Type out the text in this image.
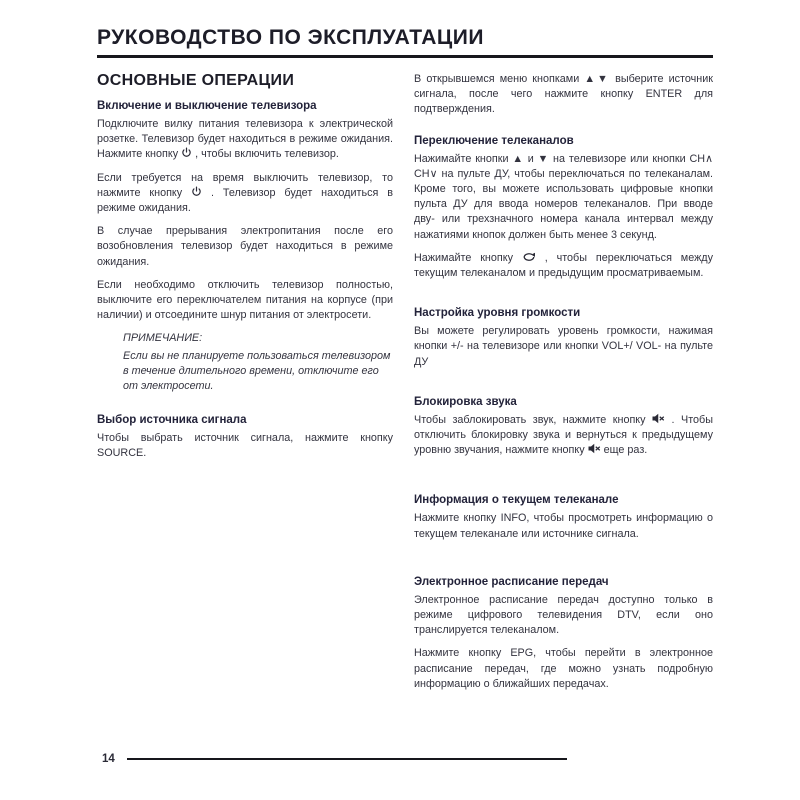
РУКОВОДСТВО ПО ЭКСПЛУАТАЦИИ
ОСНОВНЫЕ ОПЕРАЦИИ
Включение и выключение телевизора

Подключите вилку питания телевизора к электрической розетке. Телевизор будет находиться в режиме ожидания. Нажмите кнопку  , чтобы включить телевизор.

Если требуется на время выключить телевизор, то нажмите кнопку  . Телевизор будет находиться в режиме ожидания.

В случае прерывания электропитания после его возобновления телевизор будет находиться в режиме ожидания.

Если необходимо отключить телевизор полностью, выключите его переключателем питания на корпусе (при наличии) и отсоедините шнур питания от электросети.

ПРИМЕЧАНИЕ:

Если вы не планируете пользоваться телевизором в течение длительного времени, отключите его от электросети.

Выбор источника сигнала

Чтобы выбрать источник сигнала, нажмите кнопку SOURCE.

В открывшемся меню кнопками ▲▼ выберите источник сигнала, после чего нажмите кнопку ENTER для подтверждения.

Переключение телеканалов

Нажимайте кнопки ▲ и ▼ на телевизоре или кнопки CH∧ CH∨ на пульте ДУ, чтобы переключаться по телеканалам. Кроме того, вы можете использовать цифровые кнопки пульта ДУ для ввода номеров телеканалов. При вводе дву- или трехзначного номера канала интервал между нажатиями кнопок должен быть менее 3 секунд.

Нажимайте кнопку  , чтобы переключаться между текущим телеканалом и предыдущим просматриваемым.

Настройка уровня громкости

Вы можете регулировать уровень громкости, нажимая кнопки +/- на телевизоре или кнопки VOL+/ VOL- на пульте ДУ

Блокировка звука

Чтобы заблокировать звук, нажмите кнопку  . Чтобы отключить блокировку звука и вернуться к предыдущему уровню звучания, нажмите кнопку  еще раз.

Информация о текущем телеканале

Нажмите кнопку INFO, чтобы просмотреть информацию о текущем телеканале или источнике сигнала.

Электронное расписание передач

Электронное расписание передач доступно только в режиме цифрового телевидения DTV, если оно транслируется телеканалом.

Нажмите кнопку EPG, чтобы перейти в электронное расписание передач, где можно узнать подробную информацию о ближайших передачах.

14
